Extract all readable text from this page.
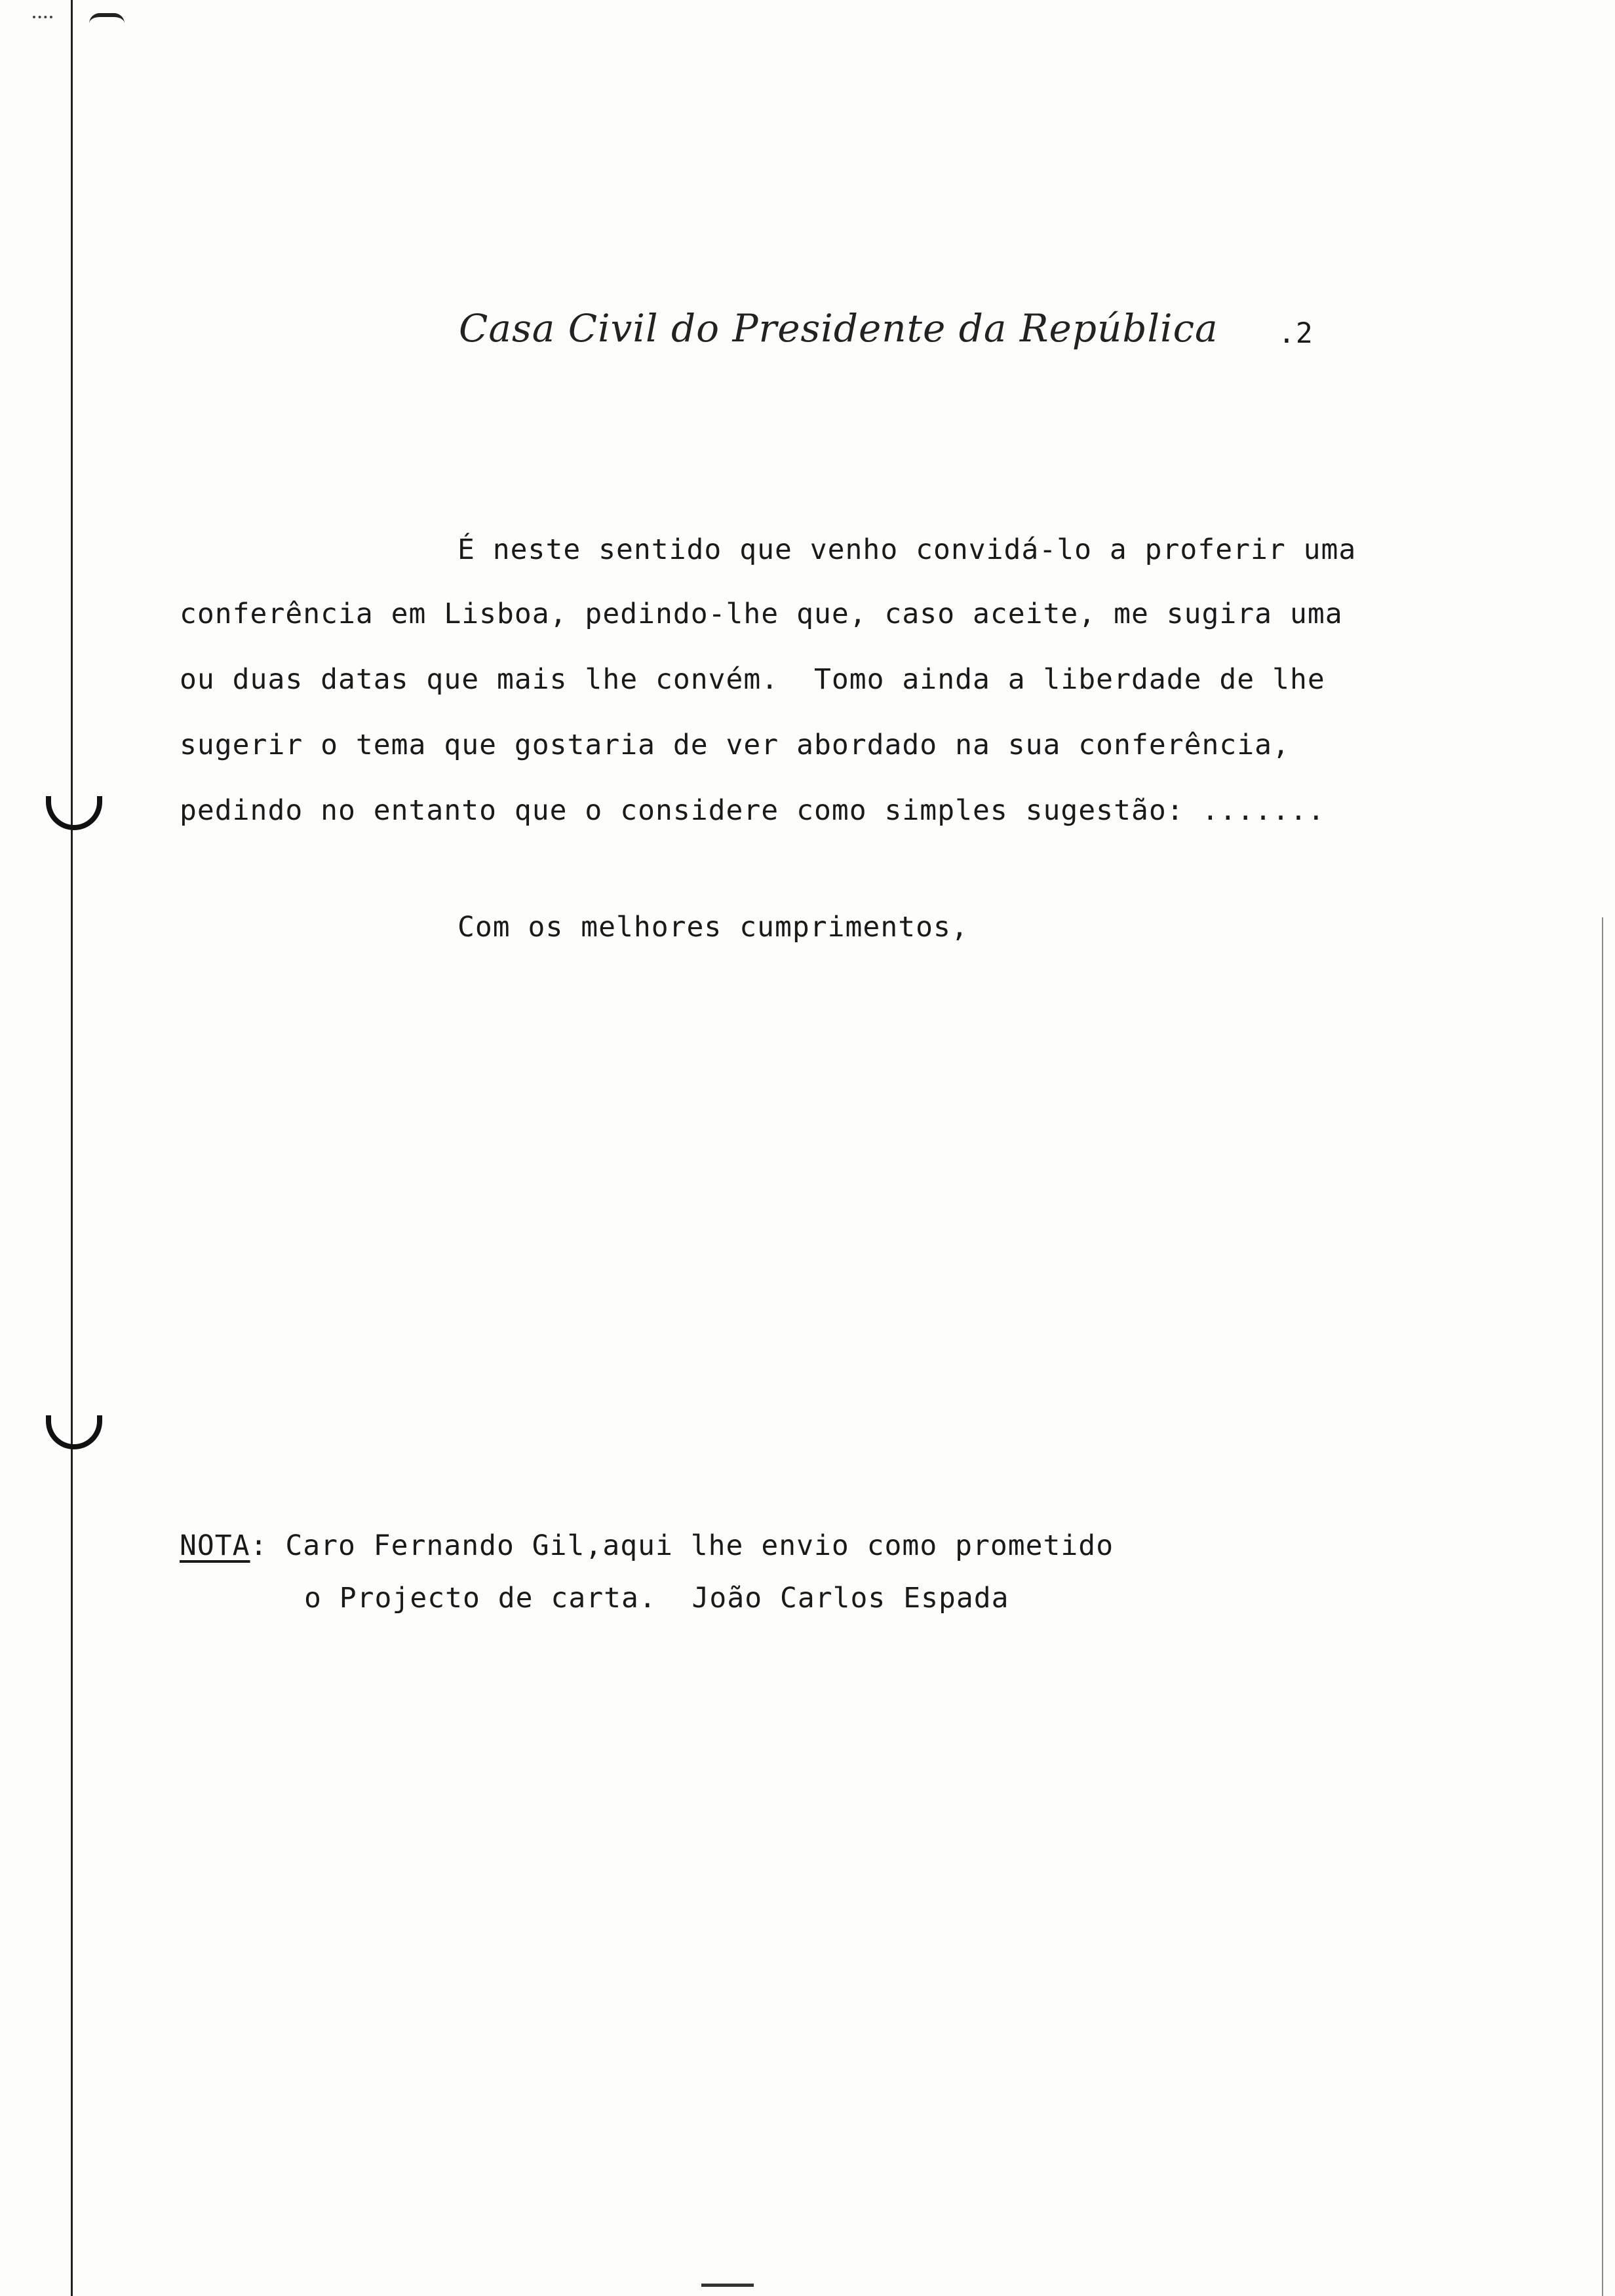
Casa Civil do Presidente da República .2
É neste sentido que venho convidá-lo a proferir uma
conferência em Lisboa, pedindo-lhe que, caso aceite, me sugira uma
ou duas datas que mais lhe convém.  Tomo ainda a liberdade de lhe
sugerir o tema que gostaria de ver abordado na sua conferência,
pedindo no entanto que o considere como simples sugestão: .......
Com os melhores cumprimentos,
NOTA: Caro Fernando Gil,aqui lhe envio como prometido
o Projecto de carta.  João Carlos Espada
